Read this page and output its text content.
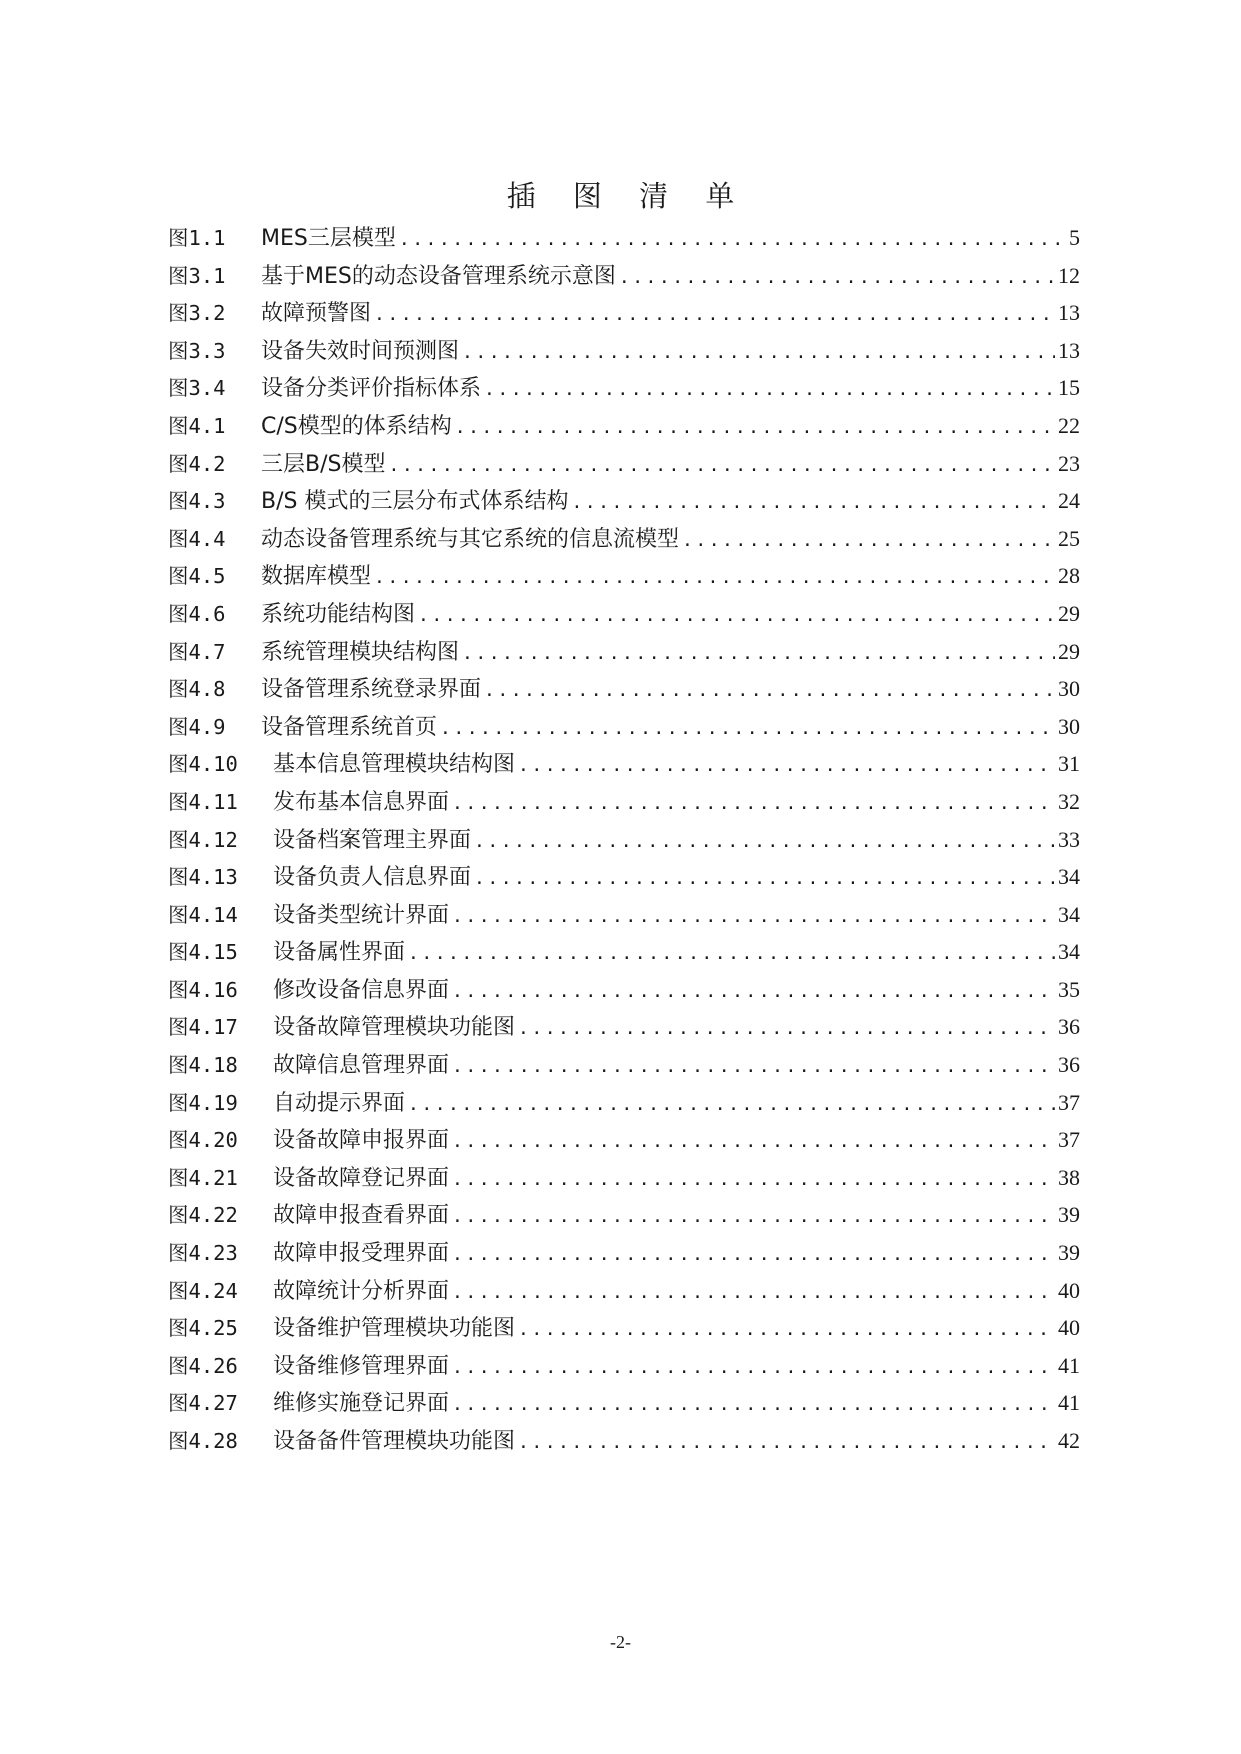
插 图 清 单
图1.1	MES三层模型 .....	5
图3.1	基于MES的动态设备管理系统示意图 .....	12
图3.2	故障预警图 .....	13
图3.3	设备失效时间预测图 .....	13
图3.4	设备分类评价指标体系 .....	15
图4.1	C/S模型的体系结构 .....	22
图4.2	三层B/S模型 .....	23
图4.3	B/S 模式的三层分布式体系结构 .....	24
图4.4	动态设备管理系统与其它系统的信息流模型 .....	25
图4.5	数据库模型 .....	28
图4.6	系统功能结构图 .....	29
图4.7	系统管理模块结构图 .....	29
图4.8	设备管理系统登录界面 .....	30
图4.9	设备管理系统首页 .....	30
图4.10	基本信息管理模块结构图 .....	31
图4.11	发布基本信息界面 .....	32
图4.12	设备档案管理主界面 .....	33
图4.13	设备负责人信息界面 .....	34
图4.14	设备类型统计界面 .....	34
图4.15	设备属性界面 .....	34
图4.16	修改设备信息界面 .....	35
图4.17	设备故障管理模块功能图 .....	36
图4.18	故障信息管理界面 .....	36
图4.19	自动提示界面 .....	37
图4.20	设备故障申报界面 .....	37
图4.21	设备故障登记界面 .....	38
图4.22	故障申报查看界面 .....	39
图4.23	故障申报受理界面 .....	39
图4.24	故障统计分析界面 .....	40
图4.25	设备维护管理模块功能图 .....	40
图4.26	设备维修管理界面 .....	41
图4.27	维修实施登记界面 .....	41
图4.28	设备备件管理模块功能图 .....	42
-2-
